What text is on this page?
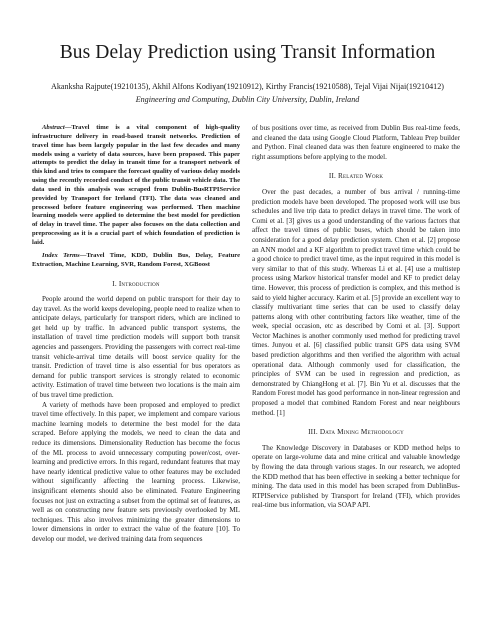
Bus Delay Prediction using Transit Information
Akanksha Rajpute(19210135), Akhil Alfons Kodiyan(19210912), Kirthy Francis(19210588), Tejal Vijai Nijai(19210412)
Engineering and Computing, Dublin City University, Dublin, Ireland

Abstract—Travel time is a vital component of high-quality infrastructure delivery in road-based transit networks. Prediction of travel time has been largely popular in the last few decades and many models using a variety of data sources, have been proposed. This paper attempts to predict the delay in transit time for a transport network of this kind and tries to compare the forecast quality of various delay models using the recently recorded conduct of the public transit vehicle data. The data used in this analysis was scraped from Dublin-BusRTPIService provided by Transport for Ireland (TFI). The data was cleaned and processed before feature engineering was performed. Then machine learning models were applied to determine the best model for prediction of delay in travel time. The paper also focuses on the data collection and preprocessing as it is a crucial part of which foundation of prediction is laid.

Index Terms—Travel Time, KDD, Dublin Bus, Delay, Feature Extraction, Machine Learning, SVR, Random Forest, XGBoost

I. Introduction

People around the world depend on public transport for their day to day travel. As the world keeps developing, people need to realize when to anticipate delays, particularly for transport riders, which are inclined to get held up by traffic. In advanced public transport systems, the installation of travel time prediction models will support both transit agencies and passengers. Providing the passengers with correct real-time transit vehicle-arrival time details will boost service quality for the transit. Prediction of travel time is also essential for bus operators as demand for public transport services is strongly related to economic activity. Estimation of travel time between two locations is the main aim of bus travel time prediction.

A variety of methods have been proposed and employed to predict travel time effectively. In this paper, we implement and compare various machine learning models to determine the best model for the data scraped. Before applying the models, we need to clean the data and reduce its dimensions. Dimensionality Reduction has become the focus of the ML process to avoid unnecessary computing power/cost, over-learning and predictive errors. In this regard, redundant features that may have nearly identical predictive value to other features may be excluded without significantly affecting the learning process. Likewise, insignificant elements should also be eliminated. Feature Engineering focuses not just on extracting a subset from the optimal set of features, as well as on constructing new feature sets previously overlooked by ML techniques. This also involves minimizing the greater dimensions to lower dimensions in order to extract the value of the feature [10]. To develop our model, we derived training data from sequences

of bus positions over time, as received from Dublin Bus real-time feeds, and cleaned the data using Google Cloud Platform, Tableau Prep builder and Python. Final cleaned data was then feature engineered to make the right assumptions before applying to the model.

II. Related Work

Over the past decades, a number of bus arrival / running-time prediction models have been developed. The proposed work will use bus schedules and live trip data to predict delays in travel time. The work of Comi et al. [3] gives us a good understanding of the various factors that affect the travel times of public buses, which should be taken into consideration for a good delay prediction system. Chen et al. [2] propose an ANN model and a KF algorithm to predict travel time which could be a good choice to predict travel time, as the input required in this model is very similar to that of this study. Whereas Li et al. [4] use a multistep process using Markov historical transfer model and KF to predict delay time. However, this process of prediction is complex, and this method is said to yield higher accuracy. Karim et al. [5] provide an excellent way to classify multivariant time series that can be used to classify delay patterns along with other contributing factors like weather, time of the week, special occasion, etc as described by Comi et al. [3]. Support Vector Machines is another commonly used method for predicting travel times. Junyou et al. [6] classified public transit GPS data using SVM based prediction algorithms and then verified the algorithm with actual operational data. Although commonly used for classification, the principles of SVM can be used in regression and prediction, as demonstrated by ChiangHong et al. [7]. Bin Yu et al. discusses that the Random Forest model has good performance in non-linear regression and proposed a model that combined Random Forest and near neighbours method. [1]

III. Data Mining Methodology

The Knowledge Discovery in Databases or KDD method helps to operate on large-volume data and mine critical and valuable knowledge by flowing the data through various stages. In our research, we adopted the KDD method that has been effective in seeking a better technique for mining. The data used in this model has been scraped from DublinBus-RTPIService published by Transport for Ireland (TFI), which provides real-time bus information, via SOAP API.
